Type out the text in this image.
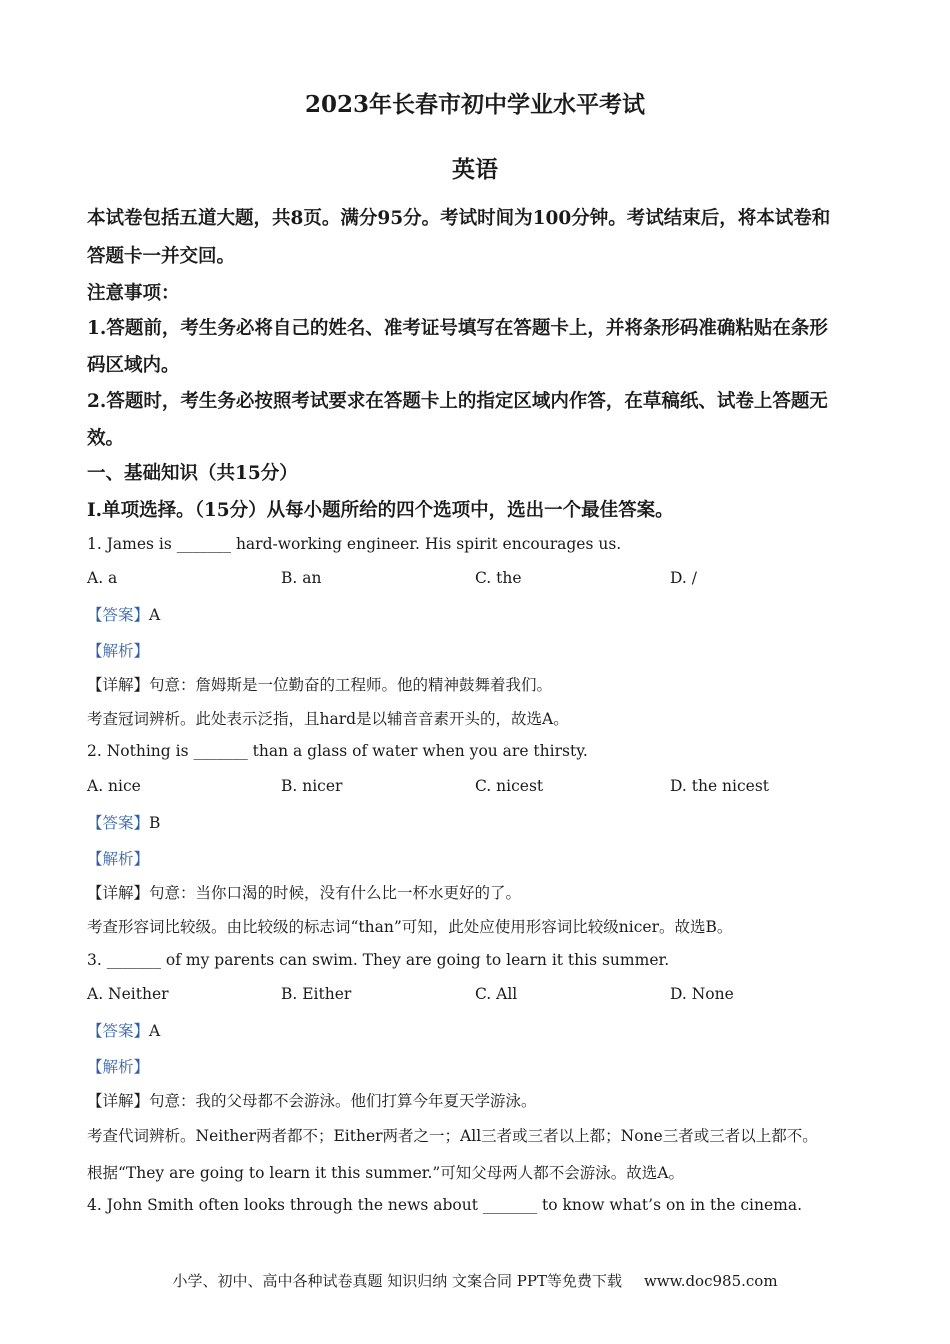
2023年长春市初中学业水平考试
英语
本试卷包括五道大题，共8页。满分95分。考试时间为100分钟。考试结束后，将本试卷和
答题卡一并交回。
注意事项：
1.答题前，考生务必将自己的姓名、准考证号填写在答题卡上，并将条形码准确粘贴在条形
码区域内。
2.答题时，考生务必按照考试要求在答题卡上的指定区域内作答，在草稿纸、试卷上答题无
效。
一、基础知识（共15分）
I.单项选择。（15分）从每小题所给的四个选项中，选出一个最佳答案。
1. James is _______ hard-working engineer. His spirit encourages us.
A. a	B. an	C. the	D. /
【答案】A
【解析】
【详解】句意：詹姆斯是一位勤奋的工程师。他的精神鼓舞着我们。
考查冠词辨析。此处表示泛指，且hard是以辅音音素开头的，故选A。
2. Nothing is _______ than a glass of water when you are thirsty.
A. nice	B. nicer	C. nicest	D. the nicest
【答案】B
【解析】
【详解】句意：当你口渴的时候，没有什么比一杯水更好的了。
考查形容词比较级。由比较级的标志词“than”可知，此处应使用形容词比较级nicer。故选B。
3. _______ of my parents can swim. They are going to learn it this summer.
A. Neither	B. Either	C. All	D. None
【答案】A
【解析】
【详解】句意：我的父母都不会游泳。他们打算今年夏天学游泳。
考查代词辨析。Neither两者都不；Either两者之一；All三者或三者以上都；None三者或三者以上都不。
根据“They are going to learn it this summer.”可知父母两人都不会游泳。故选A。
4. John Smith often looks through the news about _______ to know what’s on in the cinema.
小学、初中、高中各种试卷真题 知识归纳 文案合同 PPT等免费下载 www.doc985.com
